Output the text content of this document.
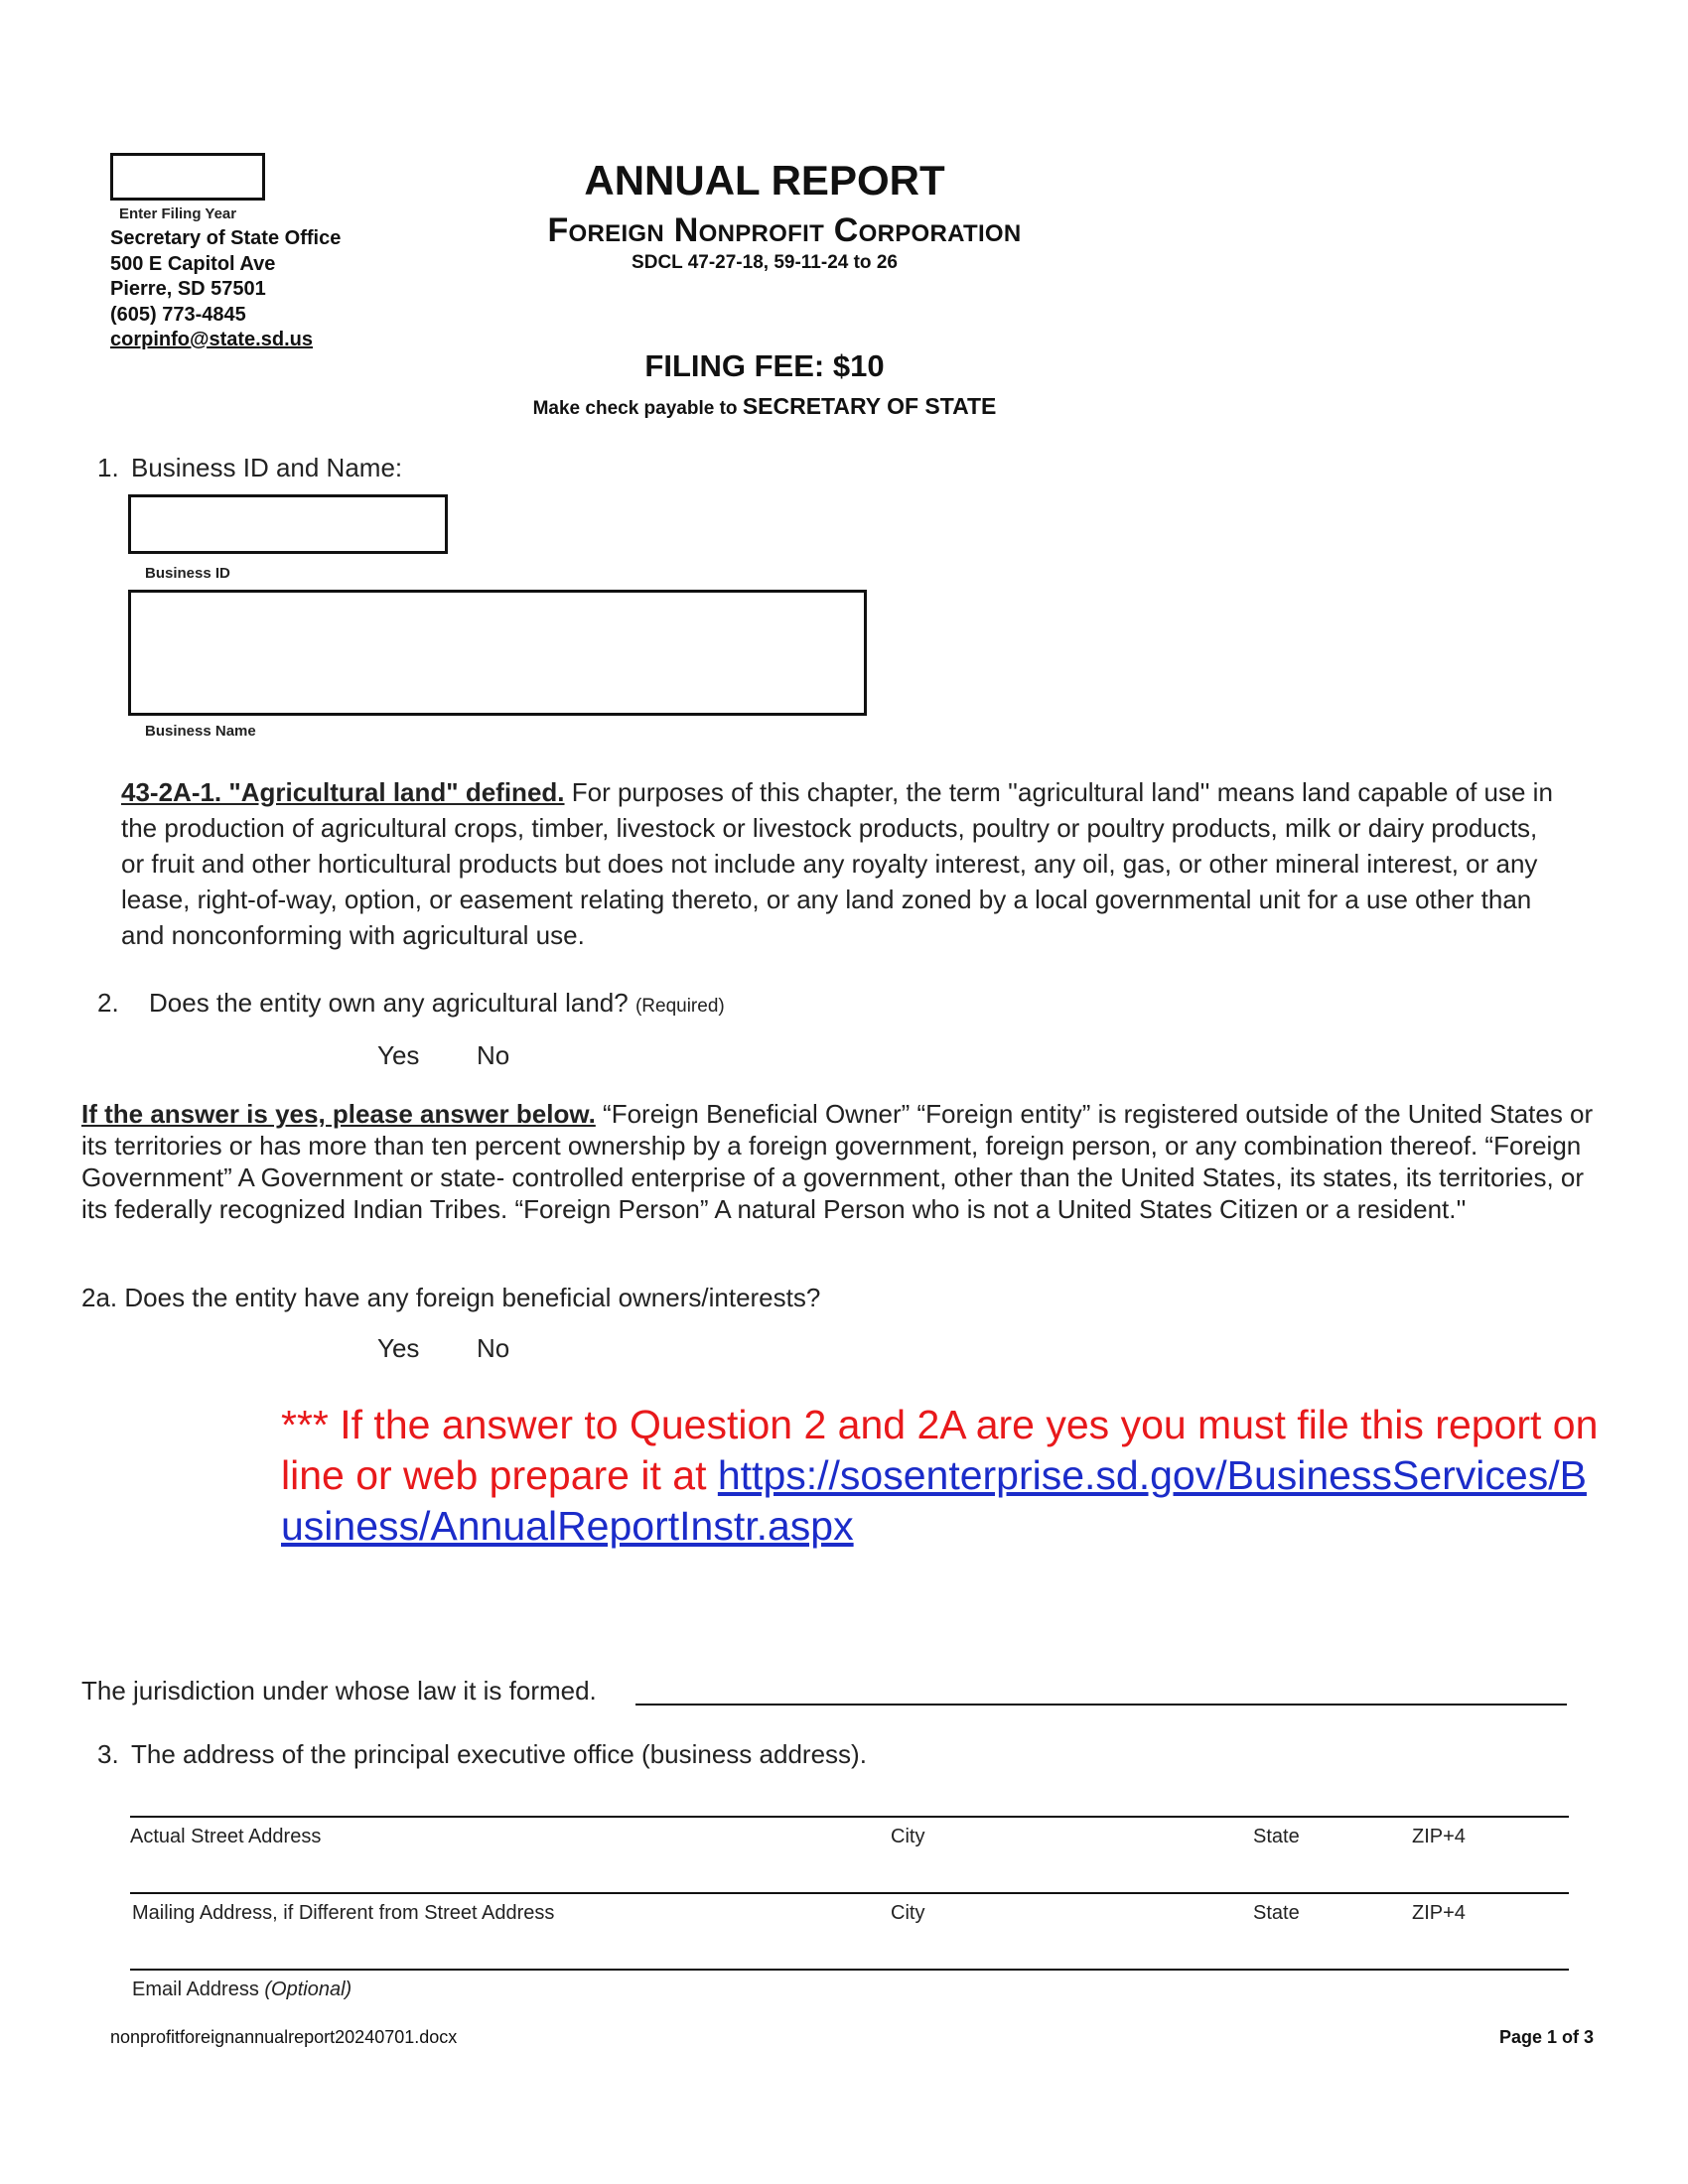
Enter Filing Year
Secretary of State Office
500 E Capitol Ave
Pierre, SD 57501
(605) 773-4845
corpinfo@state.sd.us
ANNUAL REPORT
Foreign Nonprofit Corporation
SDCL 47-27-18, 59-11-24 to 26
FILING FEE: $10
Make check payable to SECRETARY OF STATE
1. Business ID and Name:
Business ID
Business Name
43-2A-1. "Agricultural land" defined. For purposes of this chapter, the term ''agricultural land'' means land capable of use in the production of agricultural crops, timber, livestock or livestock products, poultry or poultry products, milk or dairy products, or fruit and other horticultural products but does not include any royalty interest, any oil, gas, or other mineral interest, or any lease, right-of-way, option, or easement relating thereto, or any land zoned by a local governmental unit for a use other than and nonconforming with agricultural use.
2. Does the entity own any agricultural land? (Required)
Yes No
If the answer is yes, please answer below. “Foreign Beneficial Owner” “Foreign entity” is registered outside of the United States or its territories or has more than ten percent ownership by a foreign government, foreign person, or any combination thereof. “Foreign Government” A Government or state- controlled enterprise of a government, other than the United States, its states, its territories, or its federally recognized Indian Tribes. “Foreign Person” A natural Person who is not a United States Citizen or a resident.''
2a. Does the entity have any foreign beneficial owners/interests?
Yes No
*** If the answer to Question 2 and 2A are yes you must file this report on line or web prepare it at https://sosenterprise.sd.gov/BusinessServices/Business/AnnualReportInstr.aspx
The jurisdiction under whose law it is formed.
3. The address of the principal executive office (business address).
Actual Street Address	City	State	ZIP+4
Mailing Address, if Different from Street Address	City	State	ZIP+4
Email Address (Optional)
nonprofitforeignannualreport20240701.docx	Page 1 of 3
